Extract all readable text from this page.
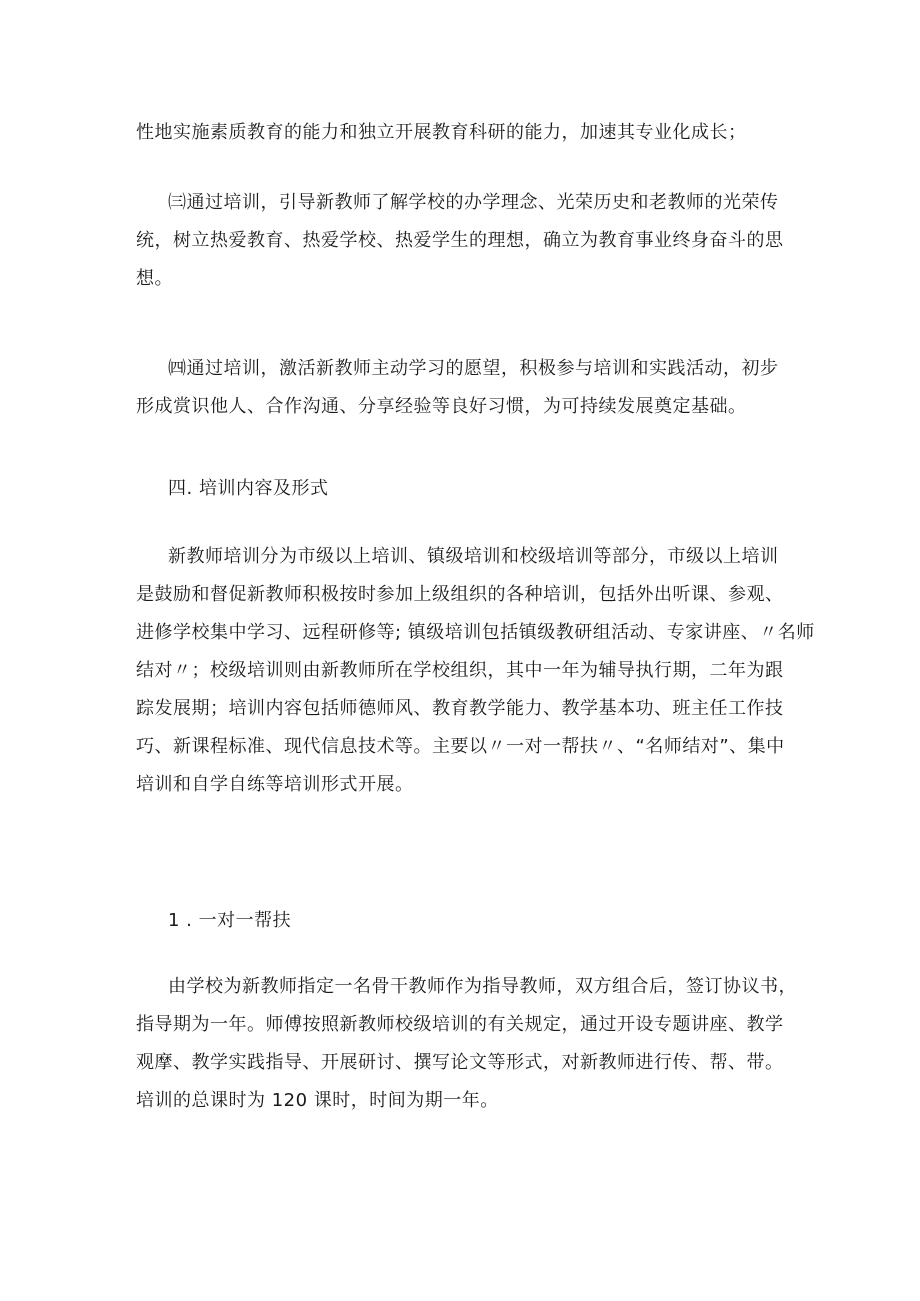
性地实施素质教育的能力和独立开展教育科研的能力，加速其专业化成长；

㈢通过培训，引导新教师了解学校的办学理念、光荣历史和老教师的光荣传
统，树立热爱教育、热爱学校、热爱学生的理想，确立为教育事业终身奋斗的思
想。

㈣通过培训，激活新教师主动学习的愿望，积极参与培训和实践活动，初步
形成赏识他人、合作沟通、分享经验等良好习惯，为可持续发展奠定基础。

四. 培训内容及形式

新教师培训分为市级以上培训、镇级培训和校级培训等部分，市级以上培训
是鼓励和督促新教师积极按时参加上级组织的各种培训，包括外出听课、参观、
进修学校集中学习、远程研修等; 镇级培训包括镇级教研组活动、专家讲座、〃名师
结对〃；校级培训则由新教师所在学校组织，其中一年为辅导执行期，二年为跟
踪发展期；培训内容包括师德师风、教育教学能力、教学基本功、班主任工作技
巧、新课程标准、现代信息技术等。主要以〃一对一帮扶〃、“名师结对”、集中
培训和自学自练等培训形式开展。

1 . 一对一帮扶

由学校为新教师指定一名骨干教师作为指导教师，双方组合后，签订协议书，
指导期为一年。师傅按照新教师校级培训的有关规定，通过开设专题讲座、教学
观摩、教学实践指导、开展研讨、撰写论文等形式，对新教师进行传、帮、带。
培训的总课时为 120 课时，时间为期一年。
